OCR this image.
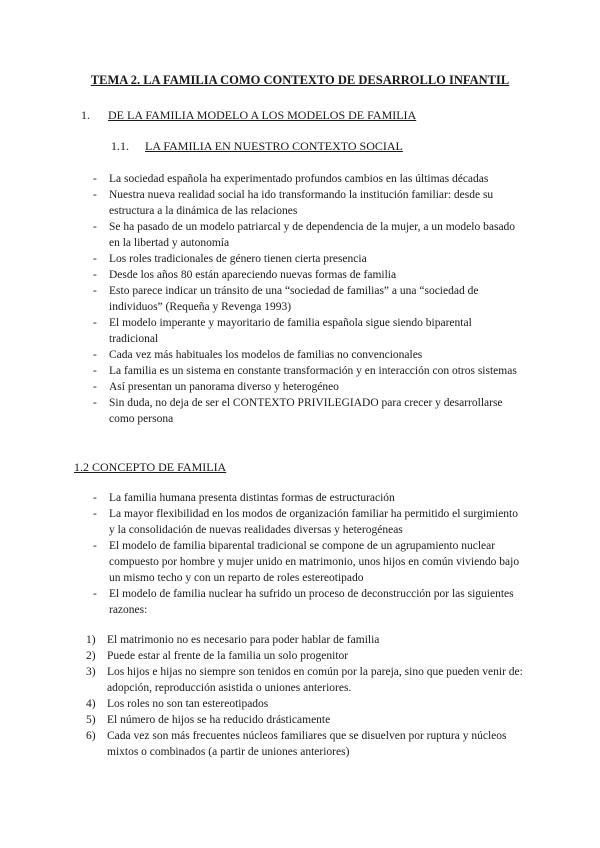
TEMA 2. LA FAMILIA COMO CONTEXTO DE DESARROLLO INFANTIL
1. DE LA FAMILIA MODELO A LOS MODELOS DE FAMILIA
1.1. LA FAMILIA EN NUESTRO CONTEXTO SOCIAL
- La sociedad española ha experimentado profundos cambios en las últimas décadas
- Nuestra nueva realidad social ha ido transformando la institución familiar: desde su estructura a la dinámica de las relaciones
- Se ha pasado de un modelo patriarcal y de dependencia de la mujer, a un modelo basado en la libertad y autonomía
- Los roles tradicionales de género tienen cierta presencia
- Desde los años 80 están apareciendo nuevas formas de familia
- Esto parece indicar un tránsito de una “sociedad de familias” a una “sociedad de individuos” (Requeña y Revenga 1993)
- El modelo imperante y mayoritario de familia española sigue siendo biparental tradicional
- Cada vez más habituales los modelos de familias no convencionales
- La familia es un sistema en constante transformación y en interacción con otros sistemas
- Así presentan un panorama diverso y heterogéneo
- Sin duda, no deja de ser el CONTEXTO PRIVILEGIADO para crecer y desarrollarse como persona
1.2 CONCEPTO DE FAMILIA
- La familia humana presenta distintas formas de estructuración
- La mayor flexibilidad en los modos de organización familiar ha permitido el surgimiento y la consolidación de nuevas realidades diversas y heterogéneas
- El modelo de familia biparental tradicional se compone de un agrupamiento nuclear compuesto por hombre y mujer unido en matrimonio, unos hijos en común viviendo bajo un mismo techo y con un reparto de roles estereotipado
- El modelo de familia nuclear ha sufrido un proceso de deconstrucción por las siguientes razones:
1) El matrimonio no es necesario para poder hablar de familia
2) Puede estar al frente de la familia un solo progenitor
3) Los hijos e hijas no siempre son tenidos en común por la pareja, sino que pueden venir de: adopción, reproducción asistida o uniones anteriores.
4) Los roles no son tan estereotipados
5) El número de hijos se ha reducido drásticamente
6) Cada vez son más frecuentes núcleos familiares que se disuelven por ruptura y núcleos mixtos o combinados (a partir de uniones anteriores)
